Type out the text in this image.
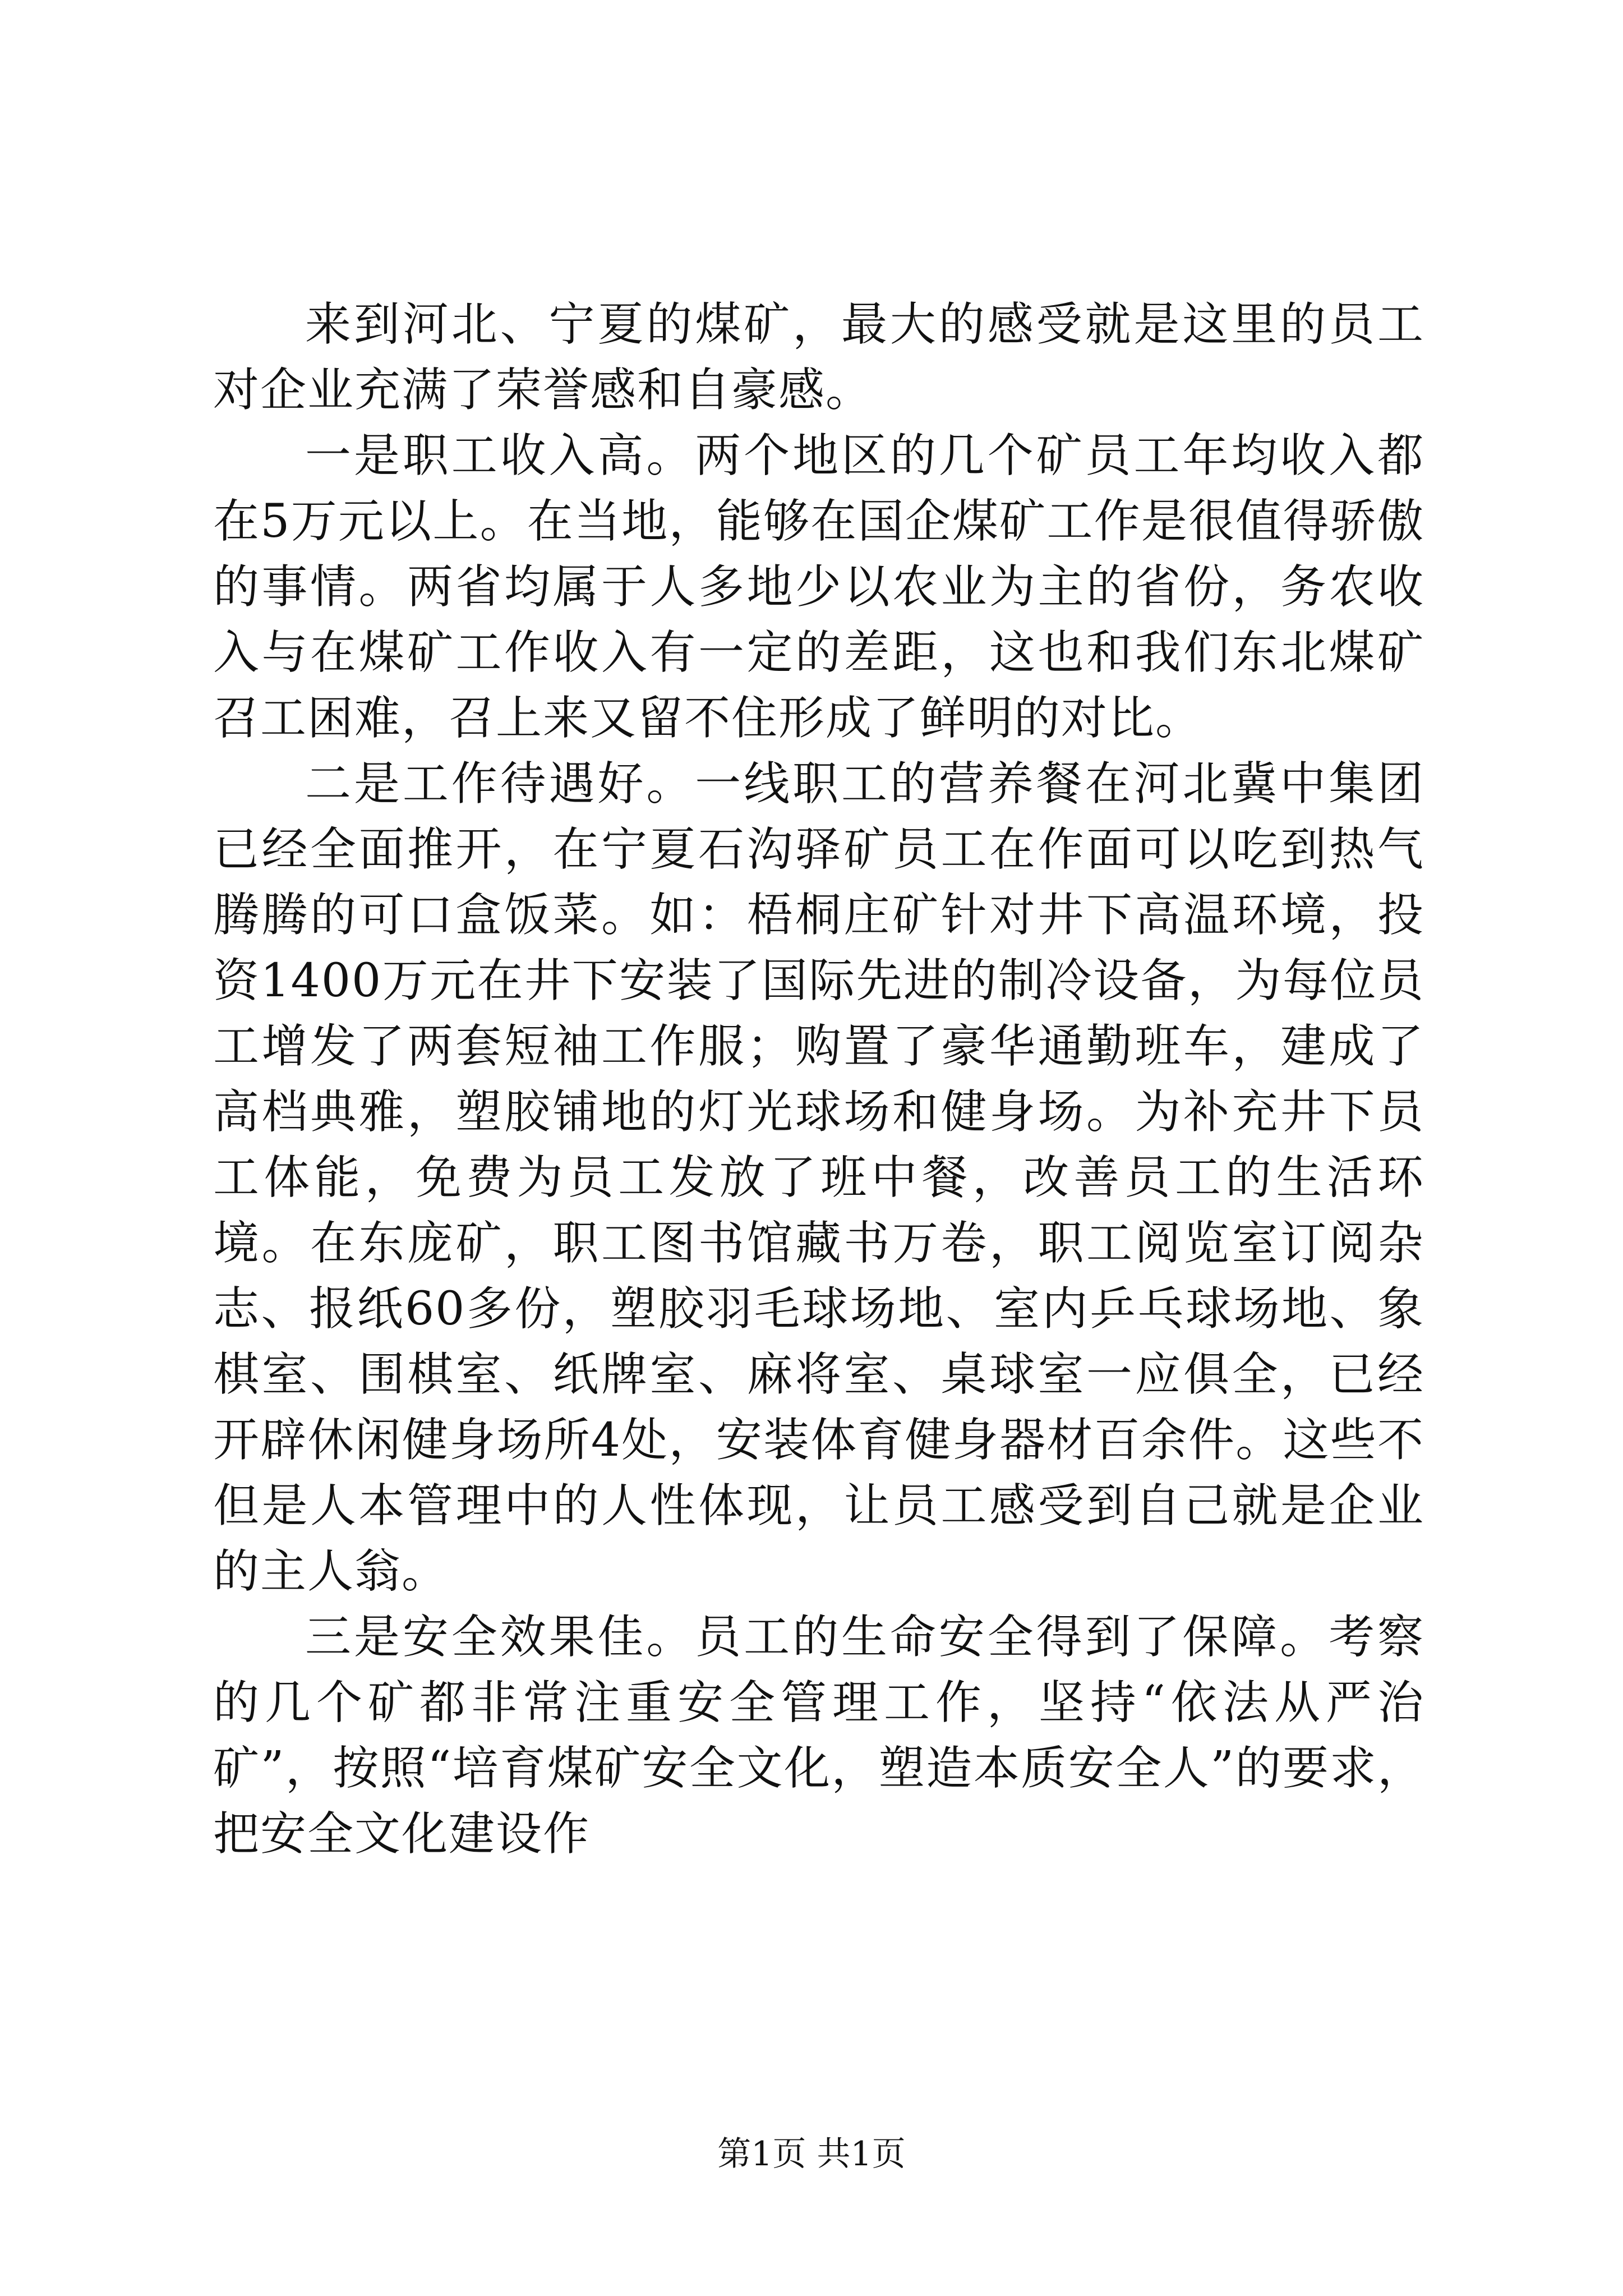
来到河北、宁夏的煤矿，最大的感受就是这里的员工对企业充满了荣誉感和自豪感。

一是职工收入高。两个地区的几个矿员工年均收入都在5万元以上。在当地，能够在国企煤矿工作是很值得骄傲的事情。两省均属于人多地少以农业为主的省份，务农收入与在煤矿工作收入有一定的差距，这也和我们东北煤矿召工困难，召上来又留不住形成了鲜明的对比。

二是工作待遇好。一线职工的营养餐在河北冀中集团已经全面推开，在宁夏石沟驿矿员工在作面可以吃到热气腾腾的可口盒饭菜。如：梧桐庄矿针对井下高温环境，投资1400万元在井下安装了国际先进的制冷设备，为每位员工增发了两套短袖工作服；购置了豪华通勤班车，建成了高档典雅，塑胶铺地的灯光球场和健身场。为补充井下员工体能，免费为员工发放了班中餐，改善员工的生活环境。在东庞矿，职工图书馆藏书万卷，职工阅览室订阅杂志、报纸60多份，塑胶羽毛球场地、室内乒乓球场地、象棋室、围棋室、纸牌室、麻将室、桌球室一应俱全，已经开辟休闲健身场所4处，安装体育健身器材百余件。这些不但是人本管理中的人性体现，让员工感受到自己就是企业的主人翁。

三是安全效果佳。员工的生命安全得到了保障。考察的几个矿都非常注重安全管理工作，坚持“依法从严治矿”，按照“培育煤矿安全文化，塑造本质安全人”的要求，把安全文化建设作

第1页 共1页
